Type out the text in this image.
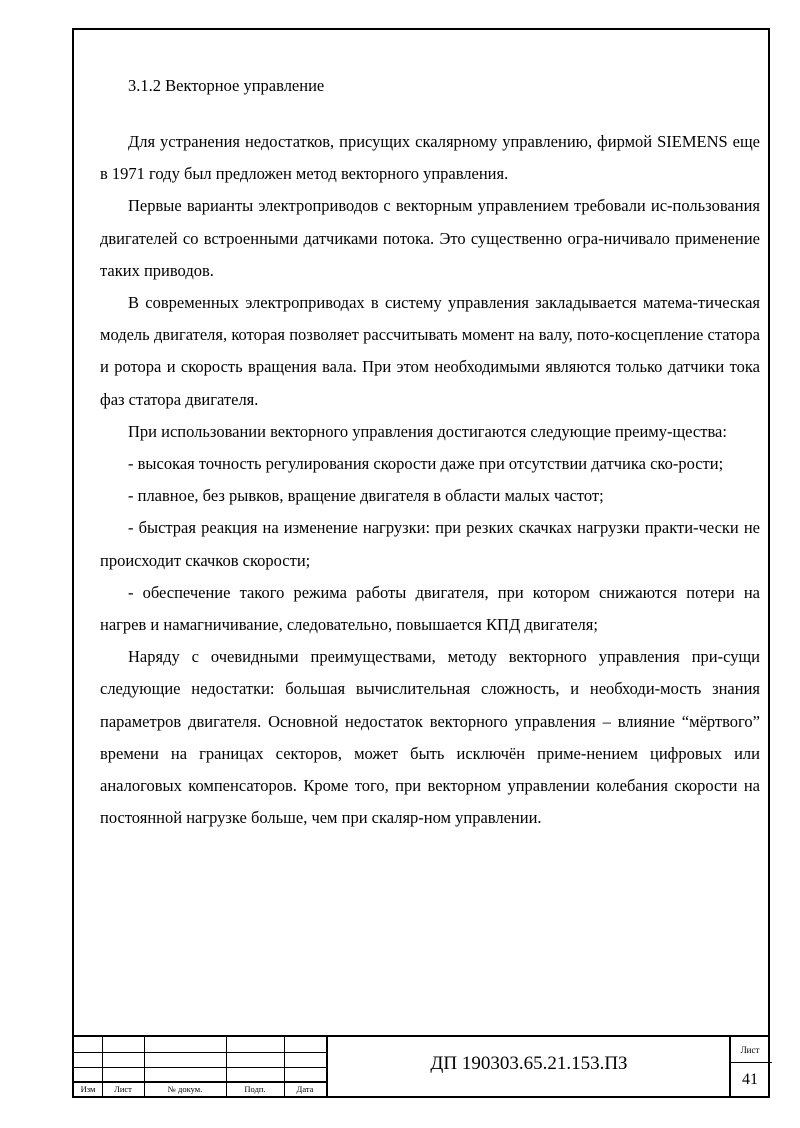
3.1.2 Векторное управление

Для устранения недостатков, присущих скалярному управлению, фирмой SIEMENS еще в 1971 году был предложен метод векторного управления.

Первые варианты электроприводов с векторным управлением требовали ис-пользования двигателей со встроенными датчиками потока. Это существенно огра-ничивало применение таких приводов.

В современных электроприводах в систему управления закладывается матема-тическая модель двигателя, которая позволяет рассчитывать момент на валу, пото-косцепление статора и ротора и скорость вращения вала. При этом необходимыми являются только датчики тока фаз статора двигателя.

При использовании векторного управления достигаются следующие преиму-щества:

- высокая точность регулирования скорости даже при отсутствии датчика ско-рости;

- плавное, без рывков, вращение двигателя в области малых частот;

- быстрая реакция на изменение нагрузки: при резких скачках нагрузки практи-чески не происходит скачков скорости;

- обеспечение такого режима работы двигателя, при котором снижаются потери на нагрев и намагничивание, следовательно, повышается КПД двигателя;

Наряду с очевидными преимуществами, методу векторного управления при-сущи следующие недостатки: большая вычислительная сложность, и необходи-мость знания параметров двигателя. Основной недостаток векторного управления – влияние “мёртвого” времени на границах секторов, может быть исключён приме-нением цифровых или аналоговых компенсаторов. Кроме того, при векторном управлении колебания скорости на постоянной нагрузке больше, чем при скаляр-ном управлении.

Изм	Лист	№ докум.	Подп.	Дата
ДП 190303.65.21.153.ПЗ
Лист
41
